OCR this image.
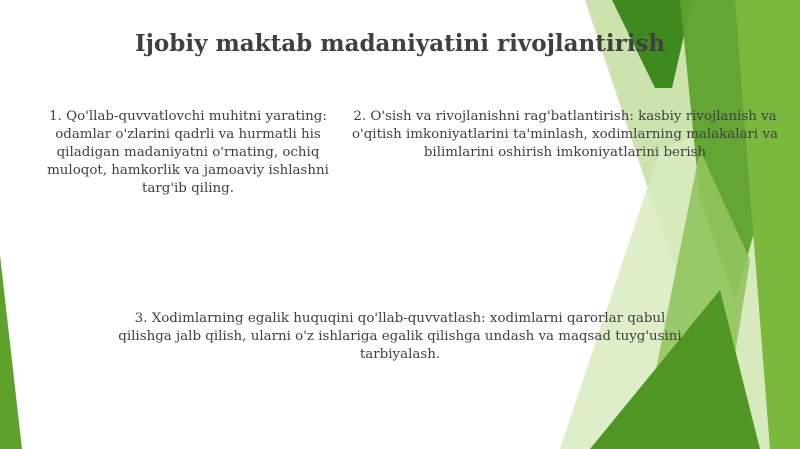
Ijobiy maktab madaniyatini rivojlantirish

1. Qo'llab-quvvatlovchi muhitni yarating: odamlar o'zlarini qadrli va hurmatli his qiladigan madaniyatni o'rnating, ochiq muloqot, hamkorlik va jamoaviy ishlashni targ'ib qiling.

2. O'sish va rivojlanishni rag'batlantirish: kasbiy rivojlanish va o'qitish imkoniyatlarini ta'minlash, xodimlarning malakalari va bilimlarini oshirish imkoniyatlarini berish

3. Xodimlarning egalik huquqini qo'llab-quvvatlash: xodimlarni qarorlar qabul qilishga jalb qilish, ularni o'z ishlariga egalik qilishga undash va maqsad tuyg'usini tarbiyalash.
